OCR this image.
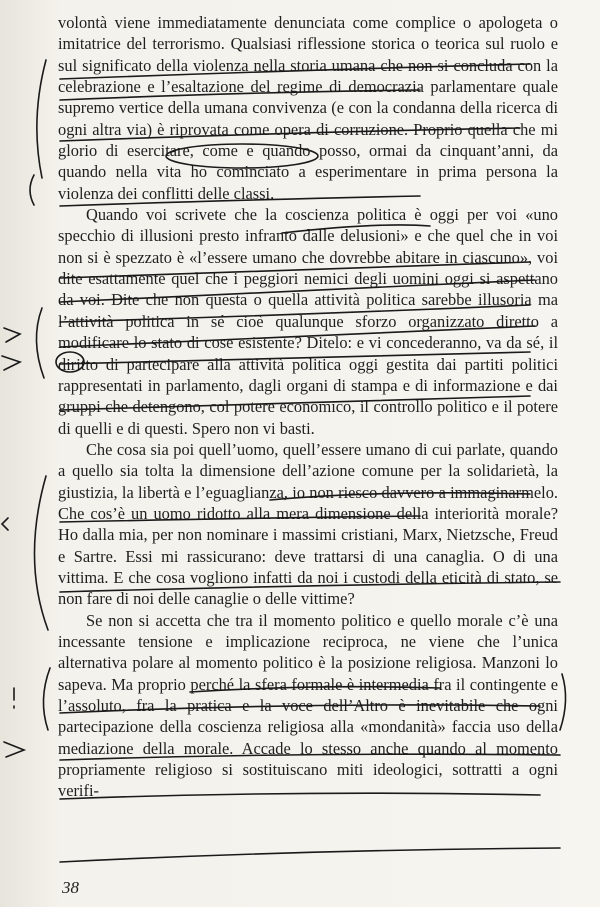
volontà viene immediatamente denunciata come complice o apologeta o imitatrice del terrorismo. Qualsiasi riflessione storica o teorica sul ruolo e sul significato della violenza nella storia umana che non si concluda con la celebrazione e l’esaltazione del regime di democrazia parlamentare quale supremo vertice della umana convivenza (e con la condanna della ricerca di ogni altra via) è riprovata come opera di corruzione. Proprio quella che mi glorio di esercitare, come e quando posso, ormai da cinquant’anni, da quando nella vita ho cominciato a esperimentare in prima persona la violenza dei conflitti delle classi.

Quando voi scrivete che la coscienza politica è oggi per voi «uno specchio di illusioni presto infranto dalle delusioni» e che quel che in voi non si è spezzato è «l’essere umano che dovrebbe abitare in ciascuno», voi dite esattamente quel che i peggiori nemici degli uomini oggi si aspettano da voi. Dite che non questa o quella attività politica sarebbe illusoria ma l’attività politica in sé cioè qualunque sforzo organizzato diretto a modificare lo stato di cose esistente? Ditelo: e vi concederanno, va da sé, il diritto di partecipare alla attività politica oggi gestita dai partiti politici rappresentati in parlamento, dagli organi di stampa e di informazione e dai gruppi che detengono, col potere economico, il controllo politico e il potere di quelli e di questi. Spero non vi basti.

Che cosa sia poi quell’uomo, quell’essere umano di cui parlate, quando a quello sia tolta la dimensione dell’azione comune per la solidarietà, la giustizia, la libertà e l’eguaglianza, io non riesco davvero a immaginarmelo. Che cos’è un uomo ridotto alla mera dimensione della interiorità morale? Ho dalla mia, per non nominare i massimi cristiani, Marx, Nietzsche, Freud e Sartre. Essi mi rassicurano: deve trattarsi di una canaglia. O di una vittima. E che cosa vogliono infatti da noi i custodi della eticità di stato, se non fare di noi delle canaglie o delle vittime?

Se non si accetta che tra il momento politico e quello morale c’è una incessante tensione e implicazione reciproca, ne viene che l’unica alternativa polare al momento politico è la posizione religiosa. Manzoni lo sapeva. Ma proprio perché la sfera formale è intermedia fra il contingente e l’assoluto, fra la pratica e la voce dell’Altro è inevitabile che ogni partecipazione della coscienza religiosa alla «mondanità» faccia uso della mediazione della morale. Accade lo stesso anche quando al momento propriamente religioso si sostituiscano miti ideologici, sottratti a ogni verifi-

38
